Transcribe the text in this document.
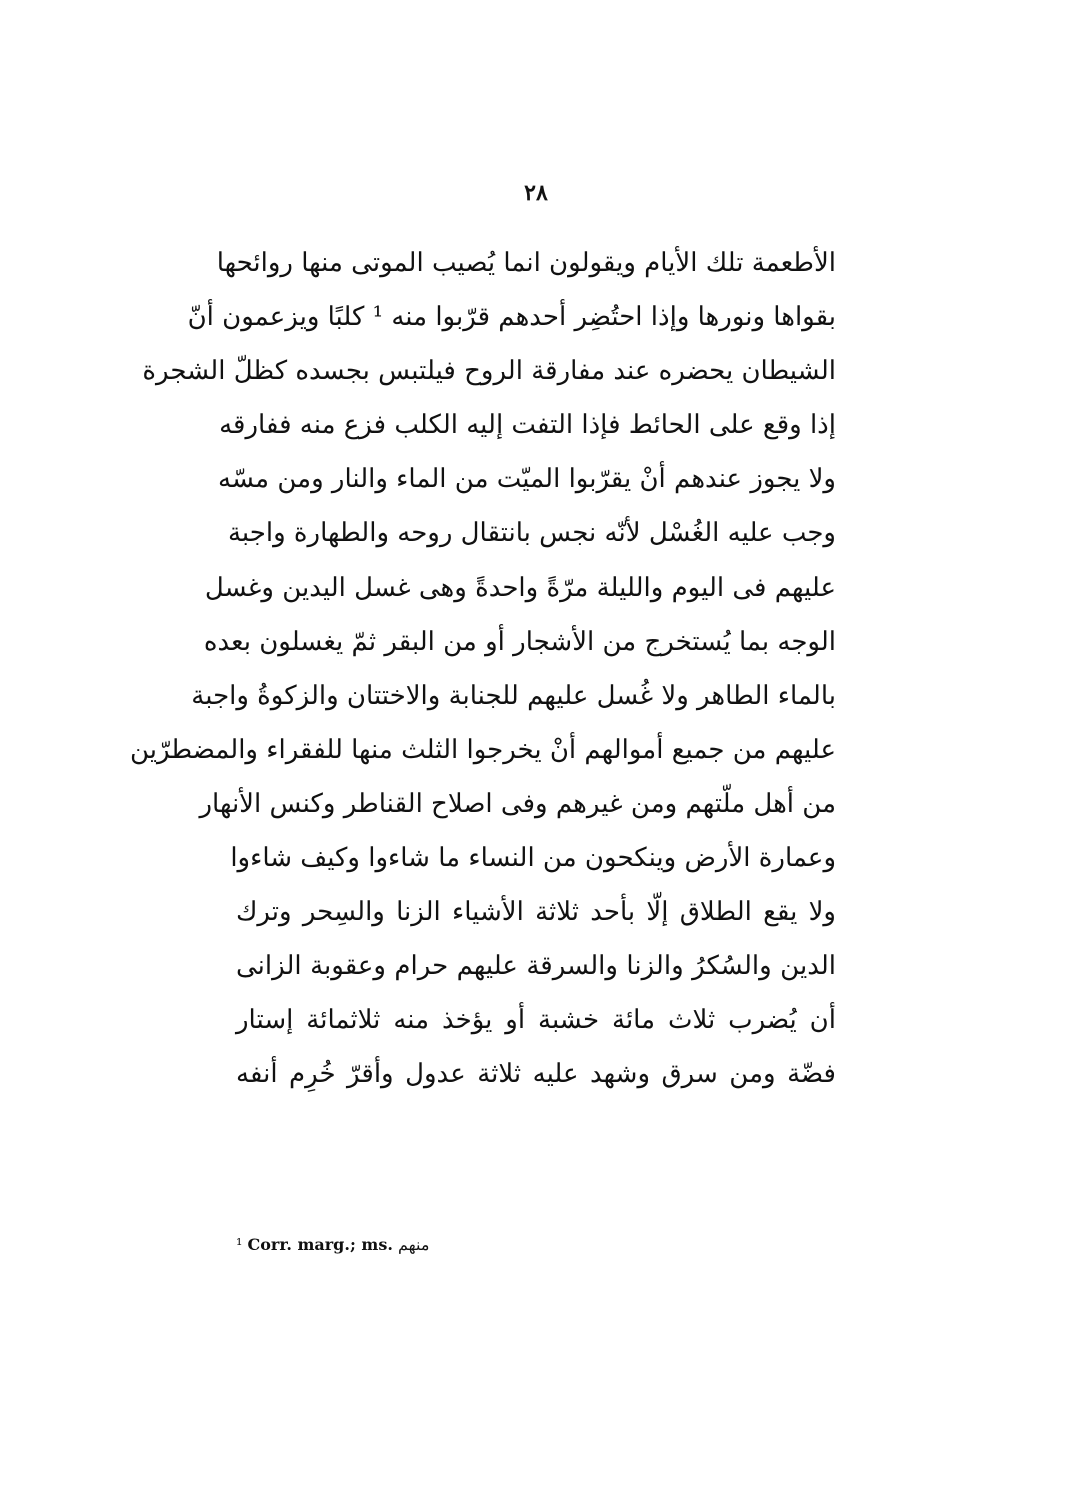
٢٨
الأطعمة تلك الأيام ويقولون انما يُصيب الموتى منها روائحها
بقواها ونورها وإذا احتُضِر أحدهم قرّبوا منه ¹ كلبًا ويزعمون أنّ
الشيطان يحضره عند مفارقة الروح فيلتبس بجسده كظلّ الشجرة
إذا وقع على الحائط فإذا التفت إليه الكلب فزع منه ففارقه
ولا يجوز عندهم أنْ يقرّبوا الميّت من الماء والنار ومن مسّه
وجب عليه الغُسْل لأنّه نجس بانتقال روحه والطهارة واجبة
عليهم فى اليوم والليلة مرّةً واحدةً وهى غسل اليدين وغسل
الوجه بما يُستخرج من الأشجار أو من البقر ثمّ يغسلون بعده
بالماء الطاهر ولا غُسل عليهم للجنابة والاختتان والزكوةُ واجبة
عليهم من جميع أموالهم أنْ يخرجوا الثلث منها للفقراء والمضطرّين
من أهل ملّتهم ومن غيرهم وفى اصلاح القناطر وكنس الأنهار
وعمارة الأرض وينكحون من النساء ما شاءوا وكيف شاءوا
ولا يقع الطلاق إلّا بأحد ثلاثة الأشياء الزنا والسِحر وترك
الدين والسُكرُ والزنا والسرقة عليهم حرام وعقوبة الزانى
أن يُضرب ثلاث مائة خشبة أو يؤخذ منه ثلاثمائة إستار
فضّة ومن سرق وشهد عليه ثلاثة عدول وأقرّ خُرِم أنفه
¹ Corr. marg.; ms. منهم
